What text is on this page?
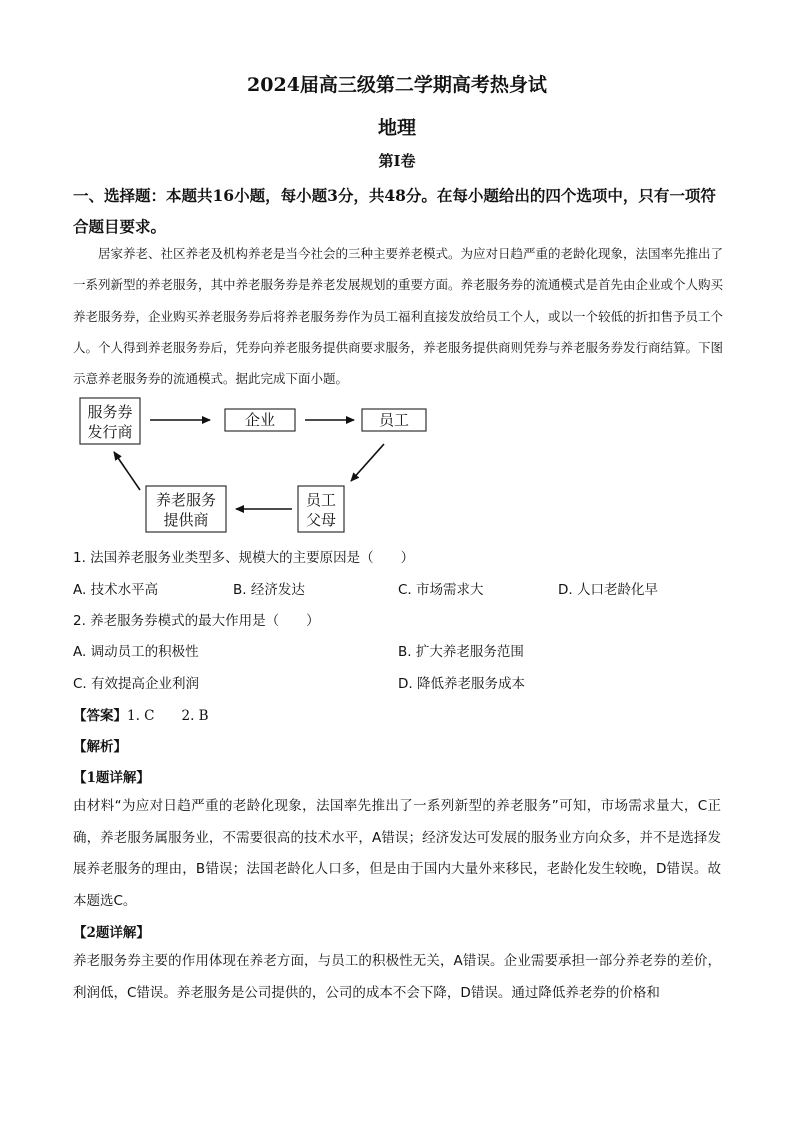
2024届高三级第二学期高考热身试
地理
第I卷
一、选择题：本题共16小题，每小题3分，共48分。在每小题给出的四个选项中，只有一项符合题目要求。
居家养老、社区养老及机构养老是当今社会的三种主要养老模式。为应对日趋严重的老龄化现象，法国率先推出了一系列新型的养老服务，其中养老服务券是养老发展规划的重要方面。养老服务券的流通模式是首先由企业或个人购买养老服务券，企业购买养老服务券后将养老服务券作为员工福利直接发放给员工个人，或以一个较低的折扣售予员工个人。个人得到养老服务券后，凭券向养老服务提供商要求服务，养老服务提供商则凭券与养老服务券发行商结算。下图示意养老服务券的流通模式。据此完成下面小题。
服务券
发行商
企业	员工
员工
父母
养老服务
提供商
1. 法国养老服务业类型多、规模大的主要原因是（　　）
A. 技术水平高	B. 经济发达	C. 市场需求大	D. 人口老龄化早
2. 养老服务券模式的最大作用是（　　）
A. 调动员工的积极性	B. 扩大养老服务范围
C. 有效提高企业利润	D. 降低养老服务成本
【答案】1. C　　2. B
【解析】
【1题详解】
由材料“为应对日趋严重的老龄化现象，法国率先推出了一系列新型的养老服务”可知，市场需求量大，C正确，养老服务属服务业，不需要很高的技术水平，A错误；经济发达可发展的服务业方向众多，并不是选择发展养老服务的理由，B错误；法国老龄化人口多，但是由于国内大量外来移民，老龄化发生较晚，D错误。故本题选C。
【2题详解】
养老服务券主要的作用体现在养老方面，与员工的积极性无关，A错误。企业需要承担一部分养老券的差价，利润低，C错误。养老服务是公司提供的，公司的成本不会下降，D错误。通过降低养老券的价格和
